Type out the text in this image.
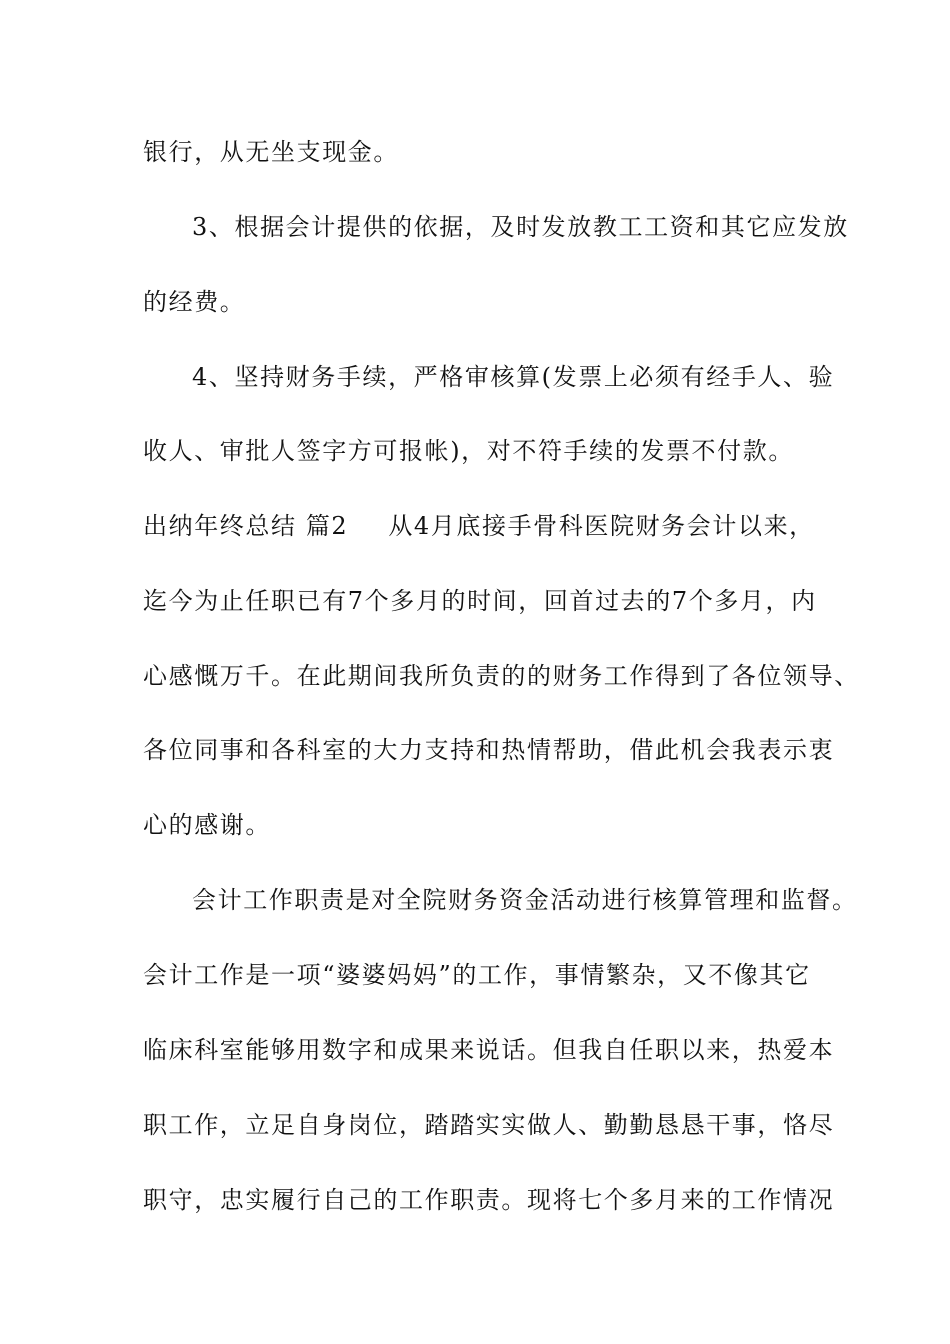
银行，从无坐支现金。
3、根据会计提供的依据，及时发放教工工资和其它应发放
的经费。
4、坚持财务手续，严格审核算(发票上必须有经手人、验
收人、审批人签字方可报帐)，对不符手续的发票不付款。
出纳年终总结 篇2 从4月底接手骨科医院财务会计以来，
迄今为止任职已有7个多月的时间，回首过去的7个多月，内
心感慨万千。在此期间我所负责的的财务工作得到了各位领导、
各位同事和各科室的大力支持和热情帮助，借此机会我表示衷
心的感谢。
会计工作职责是对全院财务资金活动进行核算管理和监督。
会计工作是一项“婆婆妈妈”的工作，事情繁杂，又不像其它
临床科室能够用数字和成果来说话。但我自任职以来，热爱本
职工作，立足自身岗位，踏踏实实做人、勤勤恳恳干事，恪尽
职守，忠实履行自己的工作职责。现将七个多月来的工作情况
